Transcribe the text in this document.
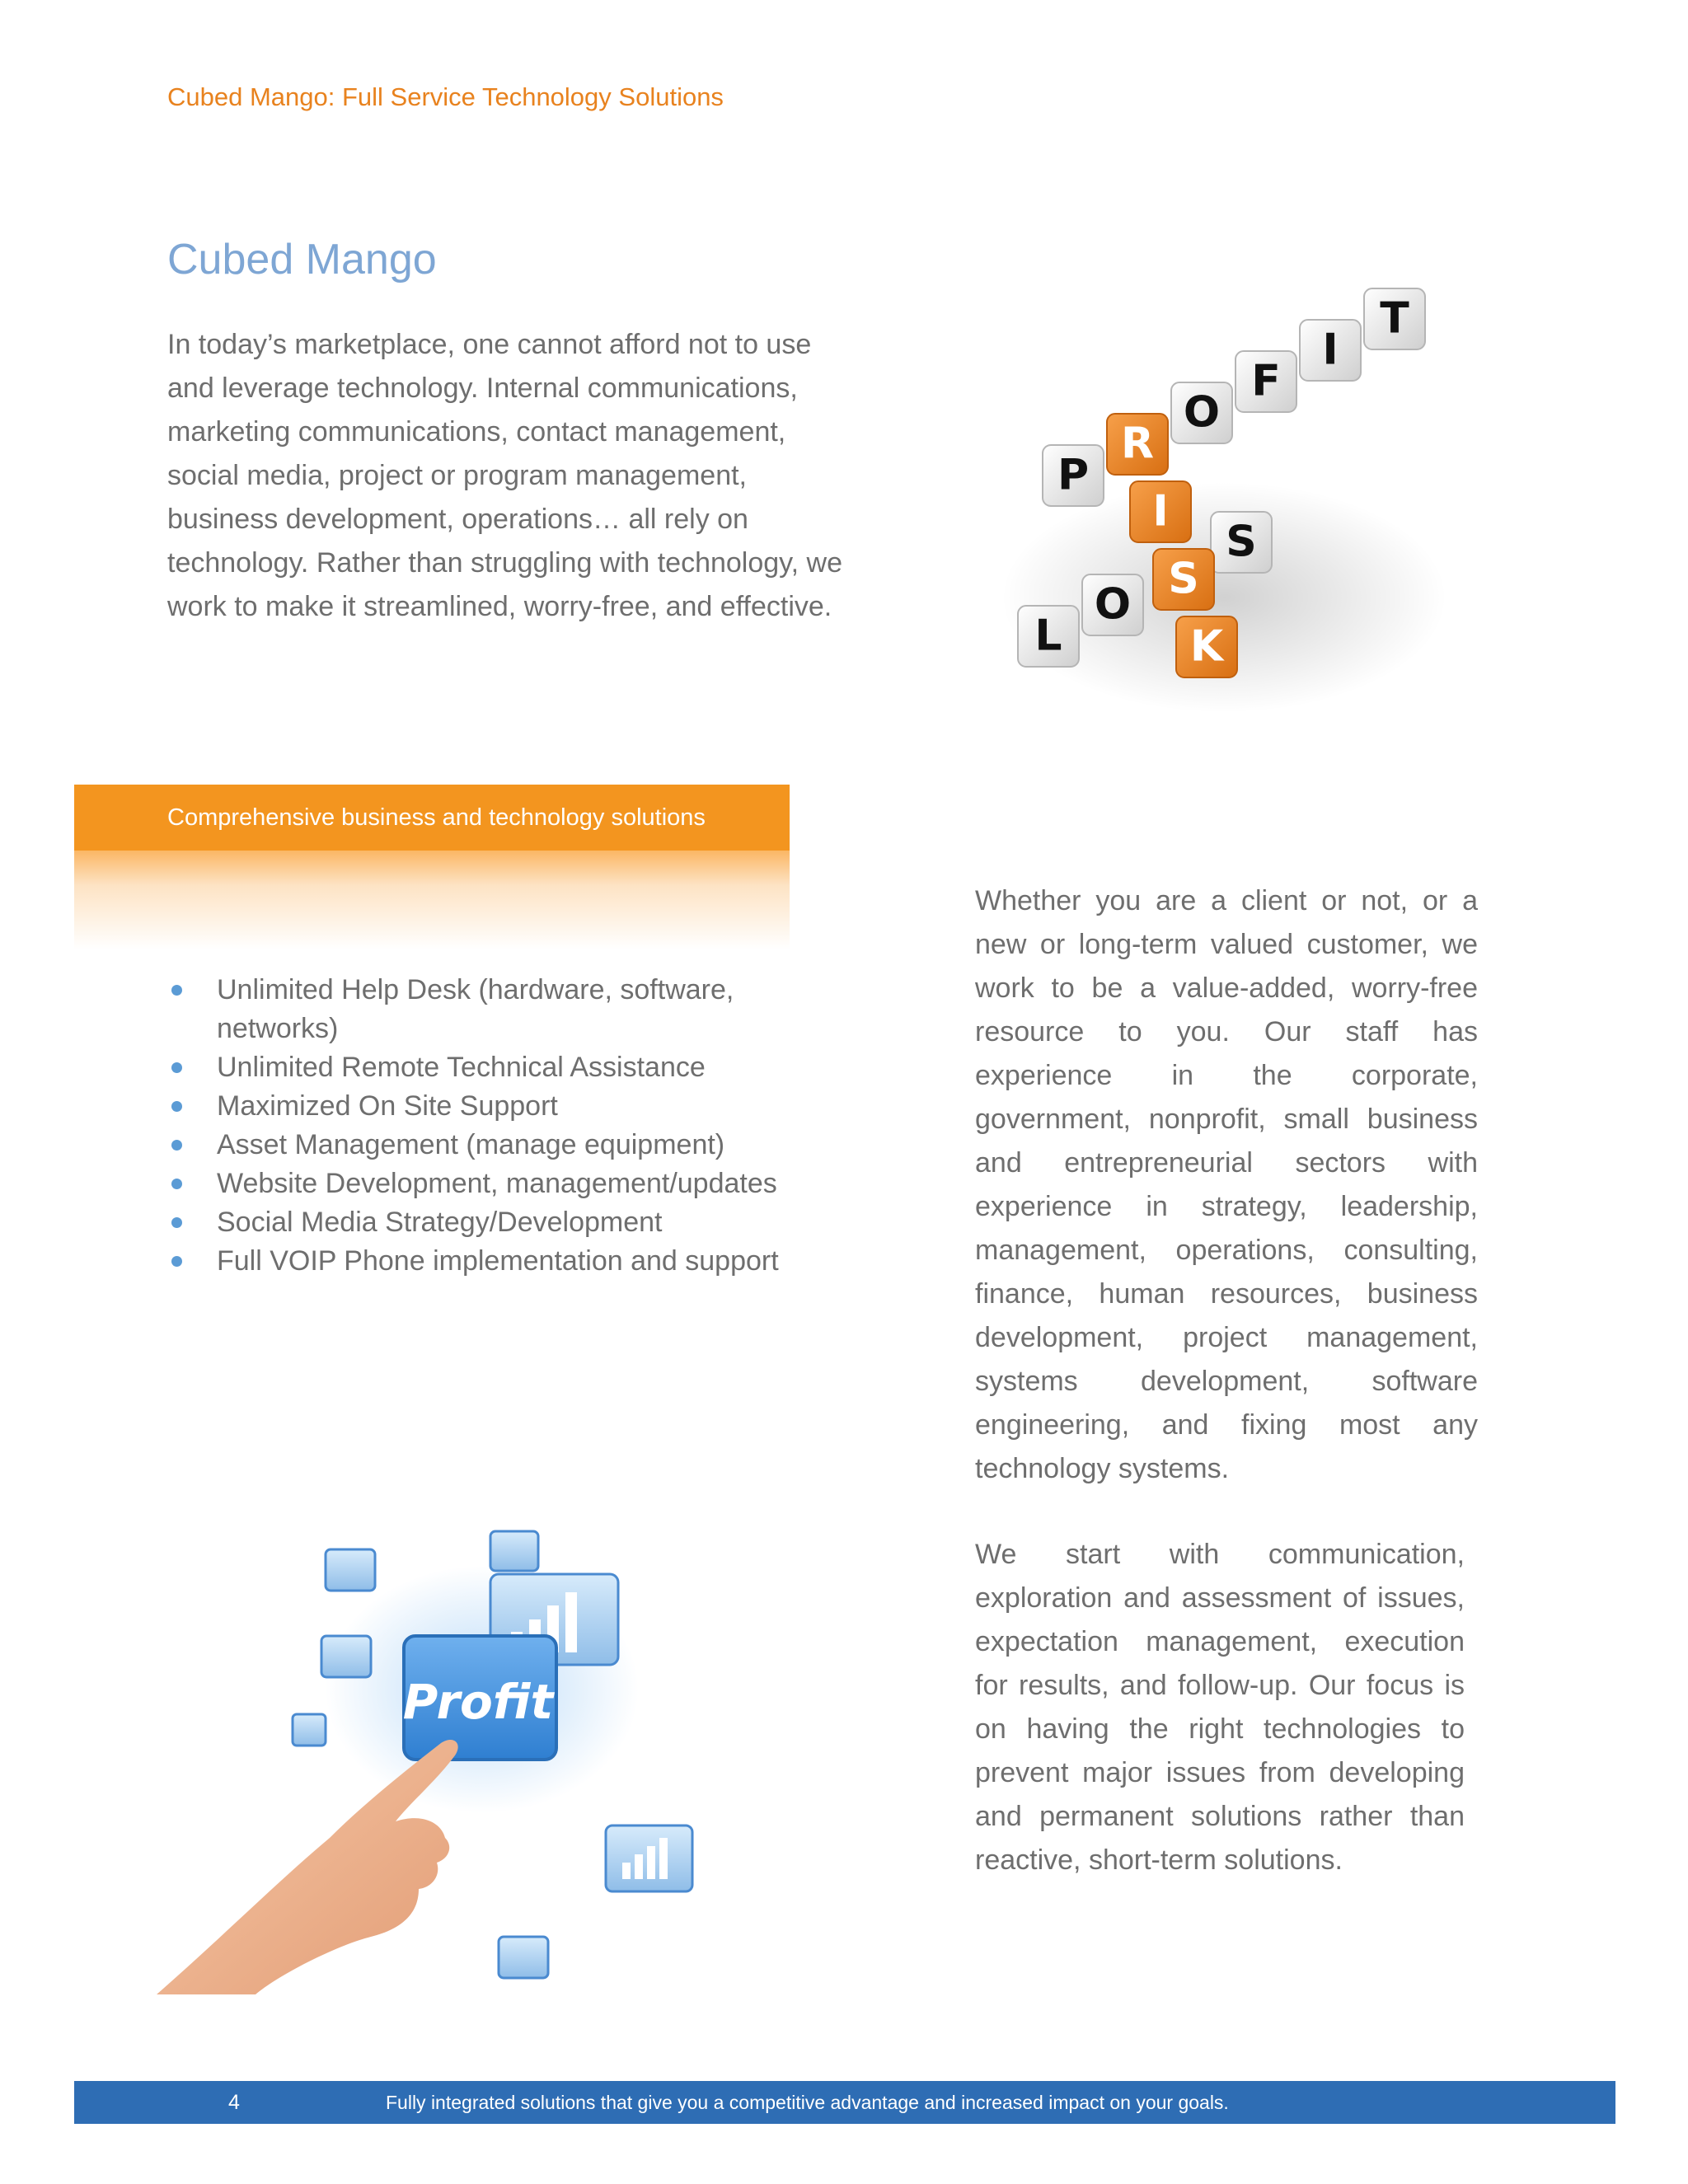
Cubed Mango: Full Service Technology Solutions
Cubed Mango

In today’s marketplace, one cannot afford not to use and leverage technology. Internal communications, marketing communications, contact management, social media, project or program management, business development, operations… all rely on technology. Rather than struggling with technology, we work to make it streamlined, worry-free, and effective.

P
O
F
I
T
L
O
S
R
I
S
K
Comprehensive business and technology solutions
Unlimited Help Desk (hardware, software, networks)
Unlimited Remote Technical Assistance
Maximized On Site Support
Asset Management (manage equipment)
Website Development, management/updates
Social Media Strategy/Development
Full VOIP Phone implementation and support

Whether you are a client or not, or a new or long-term valued customer, we work to be a value-added, worry-free resource to you. Our staff has experience in the corporate, government, nonprofit, small business and entrepreneurial sectors with experience in strategy, leadership, management, operations, consulting, finance, human resources, business development, project management, systems development, software engineering, and fixing most any technology systems.

We start with communication, exploration and assessment of issues, expectation management, execution for results, and follow-up. Our focus is on having the right technologies to prevent major issues from developing and permanent solutions rather than reactive, short-term solutions.

Profit
4	Fully integrated solutions that give you a competitive advantage and increased impact on your goals.
